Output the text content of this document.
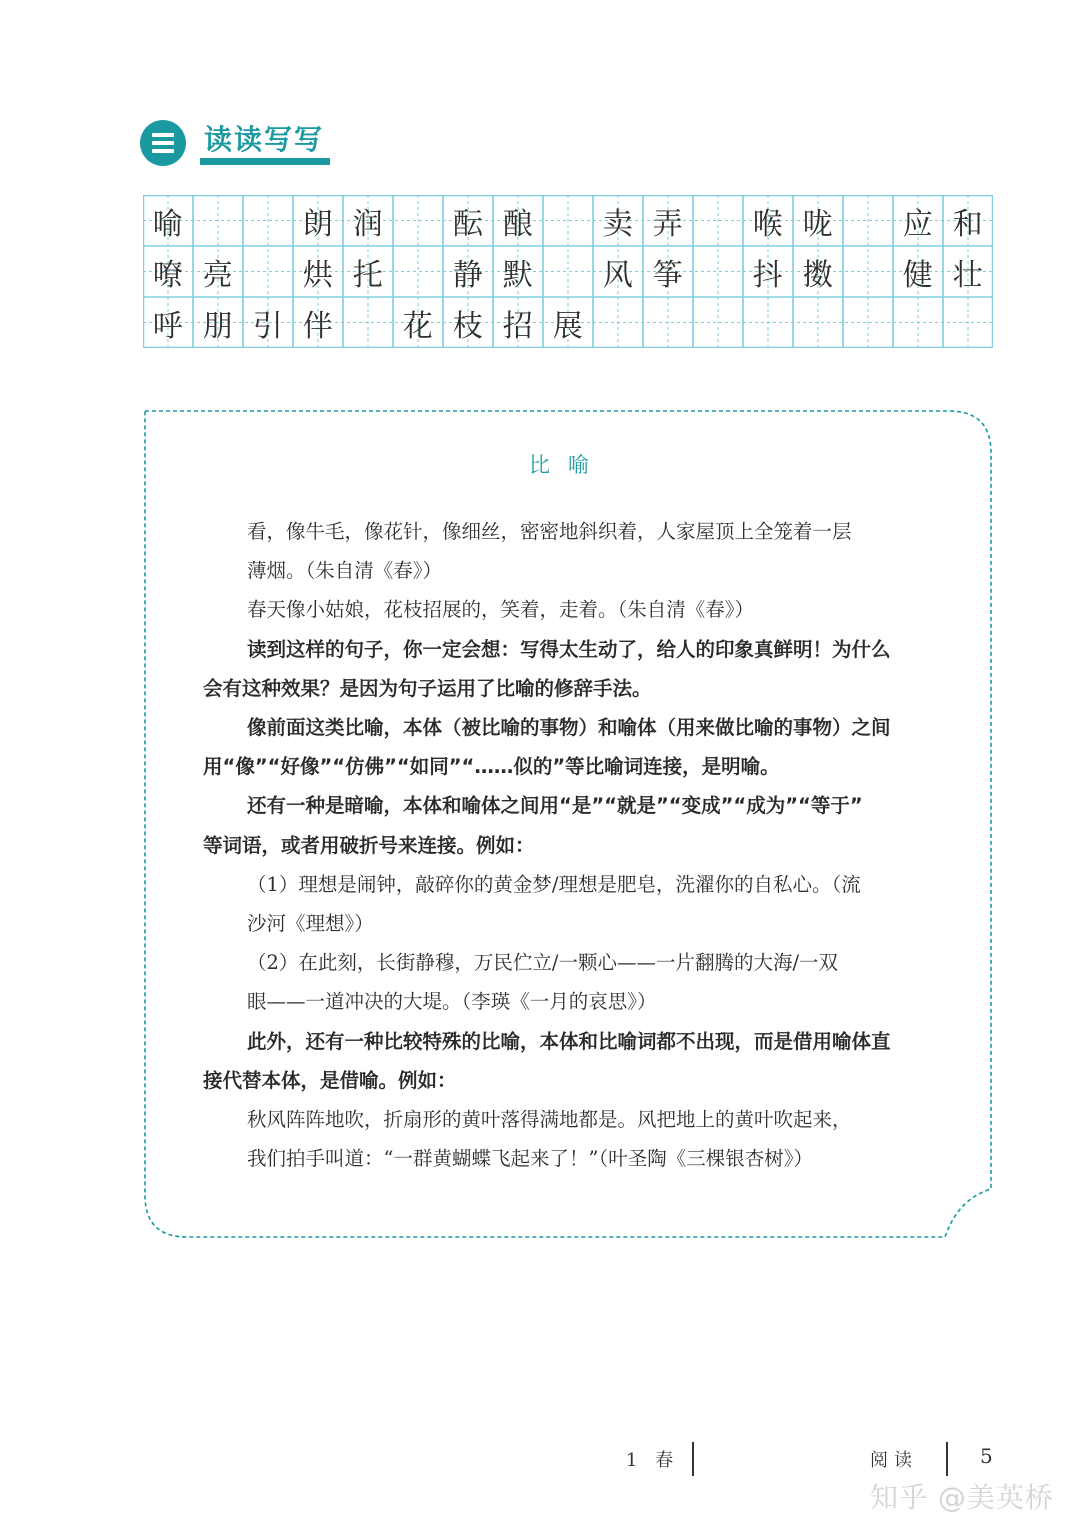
读读写写
喻	朗 润	酝 酿	卖 弄	喉 咙	应 和
嘹 亮	烘 托	静 默	风 筝	抖 擞	健 壮
呼 朋 引 伴	花 枝 招 展
比喻
看，像牛毛，像花针，像细丝，密密地斜织着，人家屋顶上全笼着一层
薄烟。（朱自清《春》）
春天像小姑娘，花枝招展的，笑着，走着。（朱自清《春》）
读到这样的句子，你一定会想：写得太生动了，给人的印象真鲜明！为什么
会有这种效果？是因为句子运用了比喻的修辞手法。
像前面这类比喻，本体（被比喻的事物）和喻体（用来做比喻的事物）之间
用“像”“好像”“仿佛”“如同”“……似的”等比喻词连接，是明喻。
还有一种是暗喻，本体和喻体之间用“是”“就是”“变成”“成为”“等于”
等词语，或者用破折号来连接。例如：
（1）理想是闹钟，敲碎你的黄金梦/理想是肥皂，洗濯你的自私心。（流
沙河《理想》）
（2）在此刻，长街静穆，万民伫立/一颗心——一片翻腾的大海/一双
眼——一道冲决的大堤。（李瑛《一月的哀思》）
此外，还有一种比较特殊的比喻，本体和比喻词都不出现，而是借用喻体直
接代替本体，是借喻。例如：
秋风阵阵地吹，折扇形的黄叶落得满地都是。风把地上的黄叶吹起来，
我们拍手叫道：“一群黄蝴蝶飞起来了！”（叶圣陶《三棵银杏树》）
1 春	阅读	5
知乎 @美英桥
